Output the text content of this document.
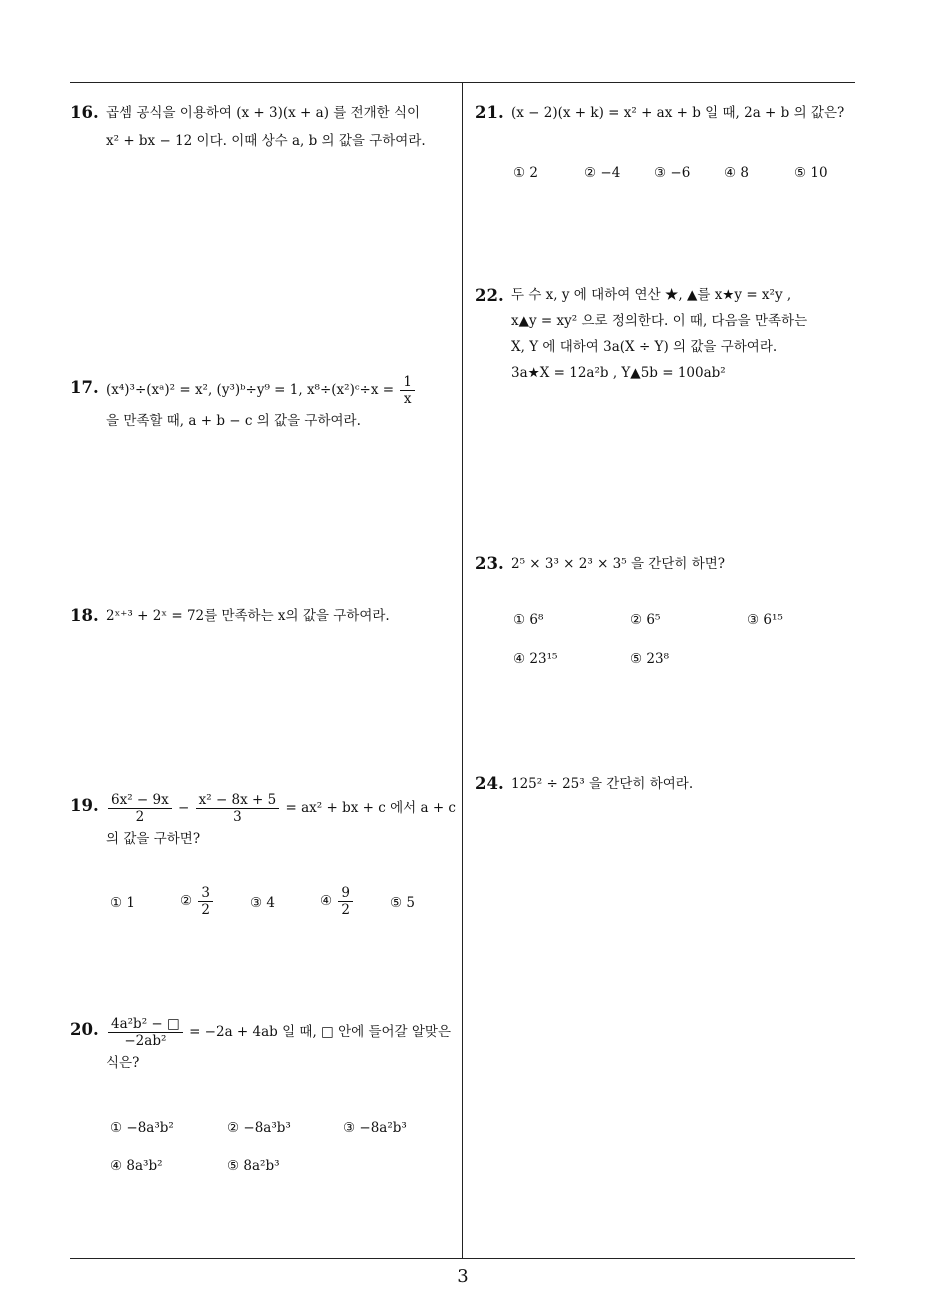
16. 곱셈 공식을 이용하여 (x + 3)(x + a) 를 전개한 식이
x² + bx − 12 이다. 이때 상수 a, b 의 값을 구하여라.
17. (x⁴)³÷(xᵃ)² = x², (y³)ᵇ÷y⁹ = 1, x⁸÷(x²)ᶜ÷x = $\frac{1}{x}$
을 만족할 때, a + b − c 의 값을 구하여라.
18. 2ˣ⁺³ + 2ˣ = 72를 만족하는 x의 값을 구하여라.
19. $\frac{\text{6x² − 9x}}{2} - \frac{\text{x² − 8x + 5}}{3} = ax^2$ + bx + c 에서 a + c
의 값을 구하면?
① 1	② $\frac{3}{2}$	③ 4	④ $\frac{9}{2}$	⑤ 5
20. $\frac{\text{4a²b² − □}}{\text{−2ab²}} = -2a + 4ab$ 일 때, □ 안에 들어갈 알맞은
식은?
① −8a³b²	② −8a³b³	③ −8a²b³
④ 8a³b²	⑤ 8a²b³
21. (x − 2)(x + k) = x² + ax + b 일 때, 2a + b 의 값은?
① 2	② −4 ③ −6 ④ 8	⑤ 10
22. 두 수 x, y 에 대하여 연산 ★, ▲를 x★y = x²y ,
x▲y = xy² 으로 정의한다. 이 때, 다음을 만족하는
X, Y 에 대하여 3a(X ÷ Y) 의 값을 구하여라.
3a★X = 12a²b , Y▲5b = 100ab²
23. 2⁵ × 3³ × 2³ × 3⁵ 을 간단히 하면?
① 6⁸	② 6⁵	③ 6¹⁵
④ 23¹⁵	⑤ 23⁸
24. 125² ÷ 25³ 을 간단히 하여라.
3
